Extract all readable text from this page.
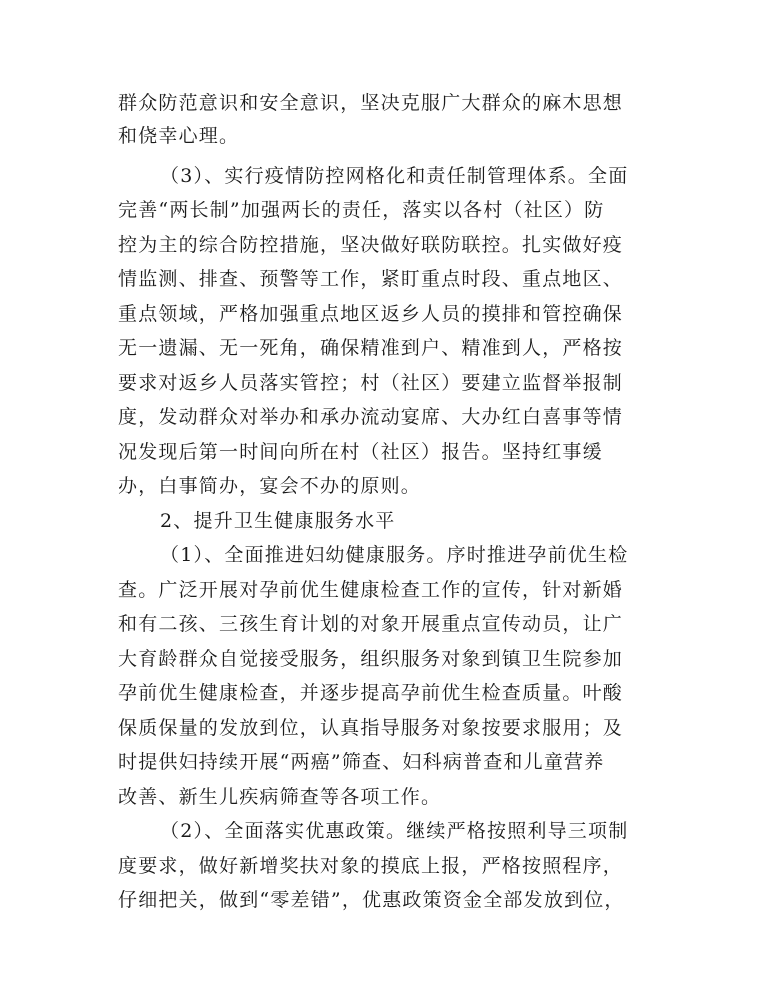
群众防范意识和安全意识，坚决克服广大群众的麻木思想
和侥幸心理。
（3）、实行疫情防控网格化和责任制管理体系。全面
完善“两长制”加强两长的责任，落实以各村（社区）防
控为主的综合防控措施，坚决做好联防联控。扎实做好疫
情监测、排查、预警等工作，紧盯重点时段、重点地区、
重点领域，严格加强重点地区返乡人员的摸排和管控确保
无一遗漏、无一死角，确保精准到户、精准到人，严格按
要求对返乡人员落实管控；村（社区）要建立监督举报制
度，发动群众对举办和承办流动宴席、大办红白喜事等情
况发现后第一时间向所在村（社区）报告。坚持红事缓
办，白事简办，宴会不办的原则。
2、提升卫生健康服务水平
（1）、全面推进妇幼健康服务。序时推进孕前优生检
查。广泛开展对孕前优生健康检查工作的宣传，针对新婚
和有二孩、三孩生育计划的对象开展重点宣传动员，让广
大育龄群众自觉接受服务，组织服务对象到镇卫生院参加
孕前优生健康检查，并逐步提高孕前优生检查质量。叶酸
保质保量的发放到位，认真指导服务对象按要求服用；及
时提供妇持续开展“两癌”筛查、妇科病普查和儿童营养
改善、新生儿疾病筛查等各项工作。
（2）、全面落实优惠政策。继续严格按照利导三项制
度要求，做好新增奖扶对象的摸底上报，严格按照程序，
仔细把关，做到“零差错”，优惠政策资金全部发放到位，
